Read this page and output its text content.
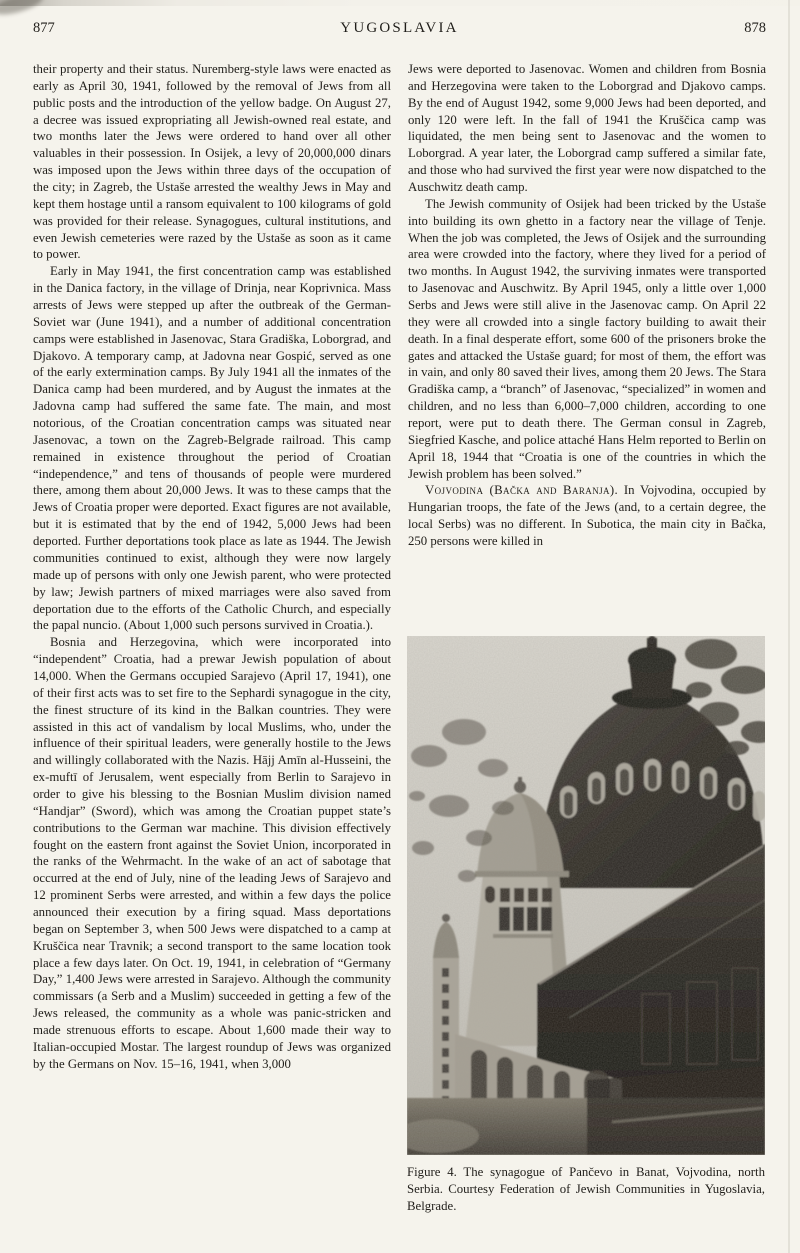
877	YUGOSLAVIA	878

their property and their status. Nuremberg-style laws were enacted as early as April 30, 1941, followed by the removal of Jews from all public posts and the introduction of the yellow badge. On August 27, a decree was issued expropriating all Jewish-owned real estate, and two months later the Jews were ordered to hand over all other valuables in their possession. In Osijek, a levy of 20,000,000 dinars was imposed upon the Jews within three days of the occupation of the city; in Zagreb, the Ustaše arrested the wealthy Jews in May and kept them hostage until a ransom equivalent to 100 kilograms of gold was provided for their release. Synagogues, cultural institutions, and even Jewish cemeteries were razed by the Ustaše as soon as it came to power.

Early in May 1941, the first concentration camp was established in the Danica factory, in the village of Drinja, near Koprivnica. Mass arrests of Jews were stepped up after the outbreak of the German-Soviet war (June 1941), and a number of additional concentration camps were established in Jasenovac, Stara Gradiška, Loborgrad, and Djakovo. A temporary camp, at Jadovna near Gospić, served as one of the early extermination camps. By July 1941 all the inmates of the Danica camp had been murdered, and by August the inmates at the Jadovna camp had suffered the same fate. The main, and most notorious, of the Croatian concentration camps was situated near Jasenovac, a town on the Zagreb-Belgrade railroad. This camp remained in existence throughout the period of Croatian “independence,” and tens of thousands of people were murdered there, among them about 20,000 Jews. It was to these camps that the Jews of Croatia proper were deported. Exact figures are not available, but it is estimated that by the end of 1942, 5,000 Jews had been deported. Further deportations took place as late as 1944. The Jewish communities continued to exist, although they were now largely made up of persons with only one Jewish parent, who were protected by law; Jewish partners of mixed marriages were also saved from deportation due to the efforts of the Catholic Church, and especially the papal nuncio. (About 1,000 such persons survived in Croatia.).

Bosnia and Herzegovina, which were incorporated into “independent” Croatia, had a prewar Jewish population of about 14,000. When the Germans occupied Sarajevo (April 17, 1941), one of their first acts was to set fire to the Sephardi synagogue in the city, the finest structure of its kind in the Balkan countries. They were assisted in this act of vandalism by local Muslims, who, under the influence of their spiritual leaders, were generally hostile to the Jews and willingly collaborated with the Nazis. Hājj Amīn al-Husseini, the ex-muftī of Jerusalem, went especially from Berlin to Sarajevo in order to give his blessing to the Bosnian Muslim division named “Handjar” (Sword), which was among the Croatian puppet state’s contributions to the German war machine. This division effectively fought on the eastern front against the Soviet Union, incorporated in the ranks of the Wehrmacht. In the wake of an act of sabotage that occurred at the end of July, nine of the leading Jews of Sarajevo and 12 prominent Serbs were arrested, and within a few days the police announced their execution by a firing squad. Mass deportations began on September 3, when 500 Jews were dispatched to a camp at Kruščica near Travnik; a second transport to the same location took place a few days later. On Oct. 19, 1941, in celebration of “Germany Day,” 1,400 Jews were arrested in Sarajevo. Although the community commissars (a Serb and a Muslim) succeeded in getting a few of the Jews released, the community as a whole was panic-stricken and made strenuous efforts to escape. About 1,600 made their way to Italian-occupied Mostar. The largest roundup of Jews was organized by the Germans on Nov. 15–16, 1941, when 3,000

Jews were deported to Jasenovac. Women and children from Bosnia and Herzegovina were taken to the Loborgrad and Djakovo camps. By the end of August 1942, some 9,000 Jews had been deported, and only 120 were left. In the fall of 1941 the Kruščica camp was liquidated, the men being sent to Jasenovac and the women to Loborgrad. A year later, the Loborgrad camp suffered a similar fate, and those who had survived the first year were now dispatched to the Auschwitz death camp.

The Jewish community of Osijek had been tricked by the Ustaše into building its own ghetto in a factory near the village of Tenje. When the job was completed, the Jews of Osijek and the surrounding area were crowded into the factory, where they lived for a period of two months. In August 1942, the surviving inmates were transported to Jasenovac and Auschwitz. By April 1945, only a little over 1,000 Serbs and Jews were still alive in the Jasenovac camp. On April 22 they were all crowded into a single factory building to await their death. In a final desperate effort, some 600 of the prisoners broke the gates and attacked the Ustaše guard; for most of them, the effort was in vain, and only 80 saved their lives, among them 20 Jews. The Stara Gradiška camp, a “branch” of Jasenovac, “specialized” in women and children, and no less than 6,000–7,000 children, according to one report, were put to death there. The German consul in Zagreb, Siegfried Kasche, and police attaché Hans Helm reported to Berlin on April 18, 1944 that “Croatia is one of the countries in which the Jewish problem has been solved.”

Vojvodina (Bačka and Baranja). In Vojvodina, occupied by Hungarian troops, the fate of the Jews (and, to a certain degree, the local Serbs) was no different. In Subotica, the main city in Bačka, 250 persons were killed in

Figure 4. The synagogue of Pančevo in Banat, Vojvodina, north Serbia. Courtesy Federation of Jewish Communities in Yugoslavia, Belgrade.
